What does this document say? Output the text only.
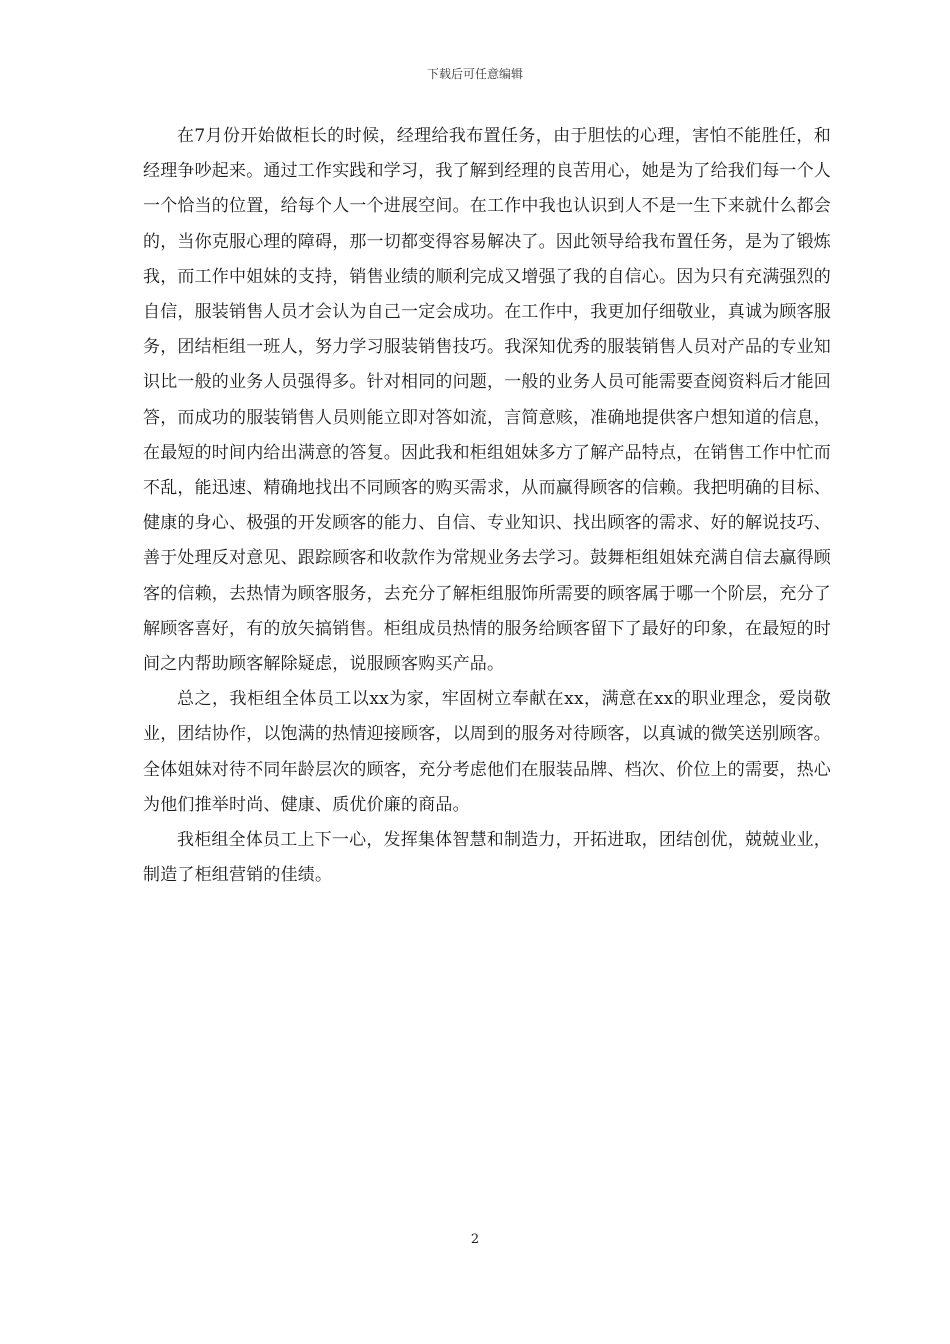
下载后可任意编辑

在7月份开始做柜长的时候，经理给我布置任务，由于胆怯的心理，害怕不能胜任，和经理争吵起来。通过工作实践和学习，我了解到经理的良苦用心，她是为了给我们每一个人一个恰当的位置，给每个人一个进展空间。在工作中我也认识到人不是一生下来就什么都会的，当你克服心理的障碍，那一切都变得容易解决了。因此领导给我布置任务，是为了锻炼我，而工作中姐妹的支持，销售业绩的顺利完成又增强了我的自信心。因为只有充满强烈的自信，服装销售人员才会认为自己一定会成功。在工作中，我更加仔细敬业，真诚为顾客服务，团结柜组一班人，努力学习服装销售技巧。我深知优秀的服装销售人员对产品的专业知识比一般的业务人员强得多。针对相同的问题，一般的业务人员可能需要查阅资料后才能回答，而成功的服装销售人员则能立即对答如流，言简意赅，准确地提供客户想知道的信息，在最短的时间内给出满意的答复。因此我和柜组姐妹多方了解产品特点，在销售工作中忙而不乱，能迅速、精确地找出不同顾客的购买需求，从而赢得顾客的信赖。我把明确的目标、健康的身心、极强的开发顾客的能力、自信、专业知识、找出顾客的需求、好的解说技巧、善于处理反对意见、跟踪顾客和收款作为常规业务去学习。鼓舞柜组姐妹充满自信去赢得顾客的信赖，去热情为顾客服务，去充分了解柜组服饰所需要的顾客属于哪一个阶层，充分了解顾客喜好，有的放矢搞销售。柜组成员热情的服务给顾客留下了最好的印象，在最短的时间之内帮助顾客解除疑虑，说服顾客购买产品。

总之，我柜组全体员工以xx为家，牢固树立奉献在xx，满意在xx的职业理念，爱岗敬业，团结协作，以饱满的热情迎接顾客，以周到的服务对待顾客，以真诚的微笑送别顾客。全体姐妹对待不同年龄层次的顾客，充分考虑他们在服装品牌、档次、价位上的需要，热心为他们推举时尚、健康、质优价廉的商品。

我柜组全体员工上下一心，发挥集体智慧和制造力，开拓进取，团结创优，兢兢业业，制造了柜组营销的佳绩。

2
